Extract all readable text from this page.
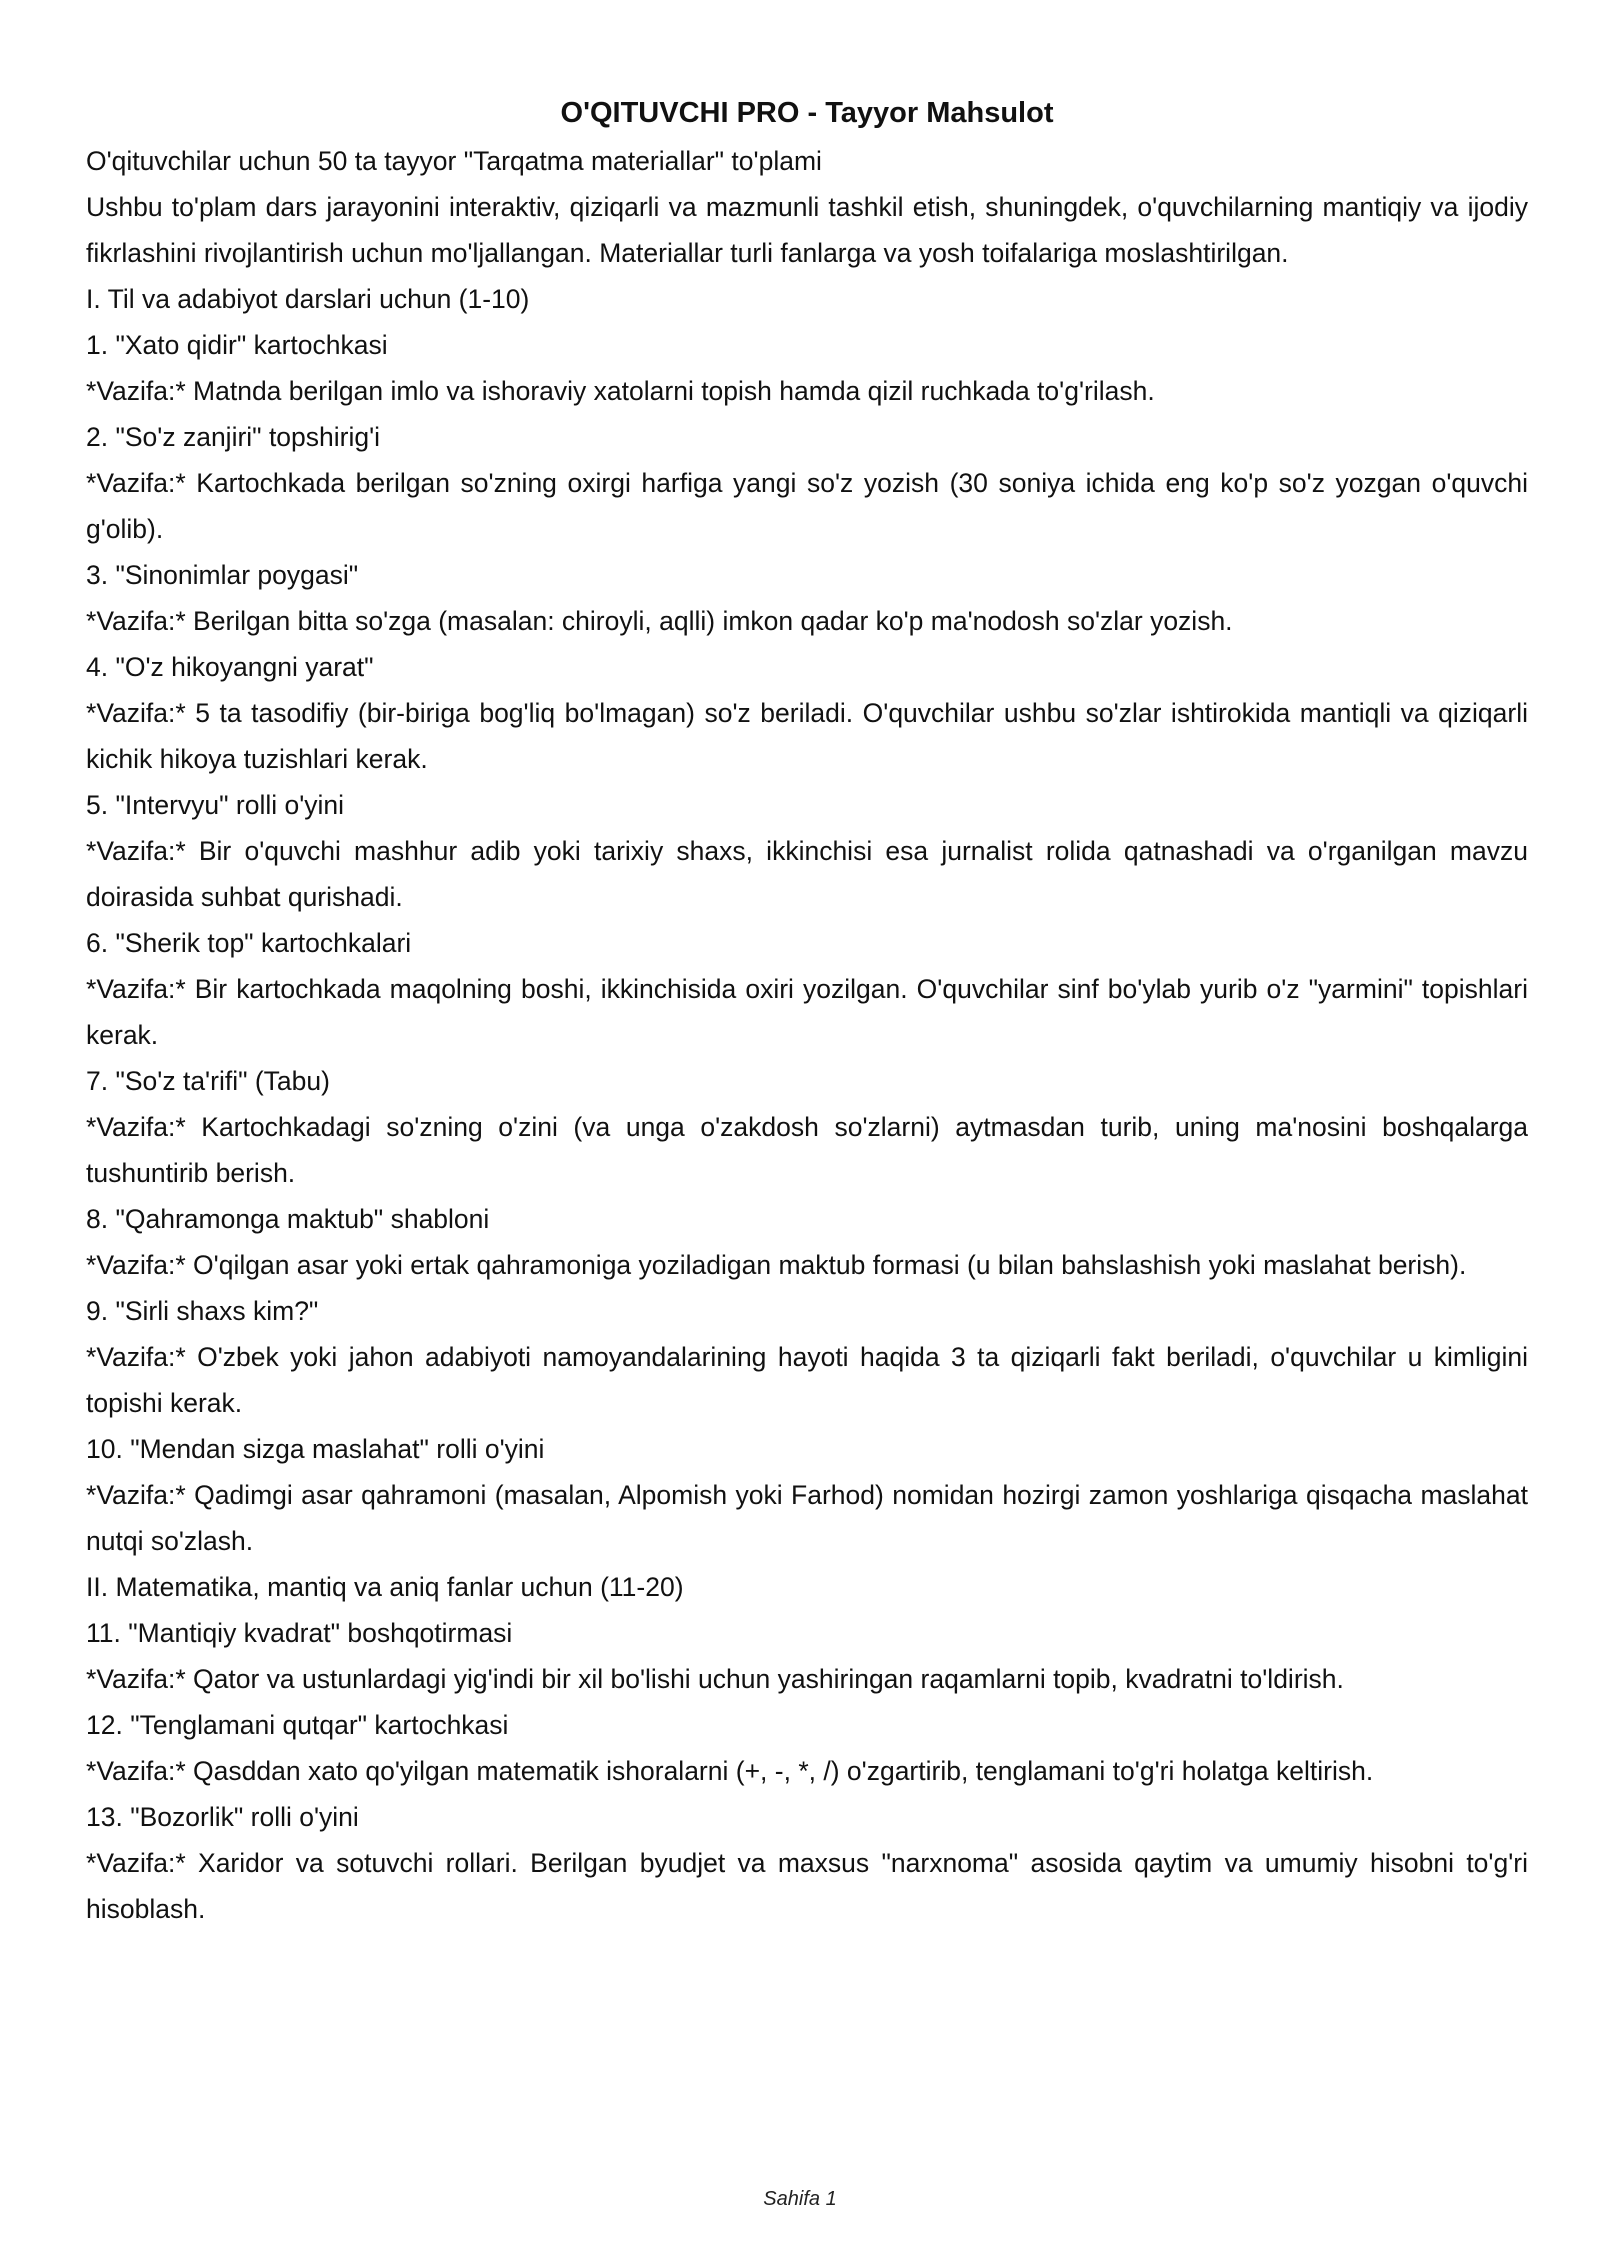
O'QITUVCHI PRO - Tayyor Mahsulot

O'qituvchilar uchun 50 ta tayyor "Tarqatma materiallar" to'plami

Ushbu to'plam dars jarayonini interaktiv, qiziqarli va mazmunli tashkil etish, shuningdek, o'quvchilarning mantiqiy va ijodiy fikrlashini rivojlantirish uchun mo'ljallangan. Materiallar turli fanlarga va yosh toifalariga moslashtirilgan.

I. Til va adabiyot darslari uchun (1-10)

1. "Xato qidir" kartochkasi

*Vazifa:* Matnda berilgan imlo va ishoraviy xatolarni topish hamda qizil ruchkada to'g'rilash.

2. "So'z zanjiri" topshirig'i

*Vazifa:* Kartochkada berilgan so'zning oxirgi harfiga yangi so'z yozish (30 soniya ichida eng ko'p so'z yozgan o'quvchi g'olib).

3. "Sinonimlar poygasi"

*Vazifa:* Berilgan bitta so'zga (masalan: chiroyli, aqlli) imkon qadar ko'p ma'nodosh so'zlar yozish.

4. "O'z hikoyangni yarat"

*Vazifa:* 5 ta tasodifiy (bir-biriga bog'liq bo'lmagan) so'z beriladi. O'quvchilar ushbu so'zlar ishtirokida mantiqli va qiziqarli kichik hikoya tuzishlari kerak.

5. "Intervyu" rolli o'yini

*Vazifa:* Bir o'quvchi mashhur adib yoki tarixiy shaxs, ikkinchisi esa jurnalist rolida qatnashadi va o'rganilgan mavzu doirasida suhbat qurishadi.

6. "Sherik top" kartochkalari

*Vazifa:* Bir kartochkada maqolning boshi, ikkinchisida oxiri yozilgan. O'quvchilar sinf bo'ylab yurib o'z "yarmini" topishlari kerak.

7. "So'z ta'rifi" (Tabu)

*Vazifa:* Kartochkadagi so'zning o'zini (va unga o'zakdosh so'zlarni) aytmasdan turib, uning ma'nosini boshqalarga tushuntirib berish.

8. "Qahramonga maktub" shabloni

*Vazifa:* O'qilgan asar yoki ertak qahramoniga yoziladigan maktub formasi (u bilan bahslashish yoki maslahat berish).

9. "Sirli shaxs kim?"

*Vazifa:* O'zbek yoki jahon adabiyoti namoyandalarining hayoti haqida 3 ta qiziqarli fakt beriladi, o'quvchilar u kimligini topishi kerak.

10. "Mendan sizga maslahat" rolli o'yini

*Vazifa:* Qadimgi asar qahramoni (masalan, Alpomish yoki Farhod) nomidan hozirgi zamon yoshlariga qisqacha maslahat nutqi so'zlash.

II. Matematika, mantiq va aniq fanlar uchun (11-20)

11. "Mantiqiy kvadrat" boshqotirmasi

*Vazifa:* Qator va ustunlardagi yig'indi bir xil bo'lishi uchun yashiringan raqamlarni topib, kvadratni to'ldirish.

12. "Tenglamani qutqar" kartochkasi

*Vazifa:* Qasddan xato qo'yilgan matematik ishoralarni (+, -, *, /) o'zgartirib, tenglamani to'g'ri holatga keltirish.

13. "Bozorlik" rolli o'yini

*Vazifa:* Xaridor va sotuvchi rollari. Berilgan byudjet va maxsus "narxnoma" asosida qaytim va umumiy hisobni to'g'ri hisoblash.

Sahifa 1
